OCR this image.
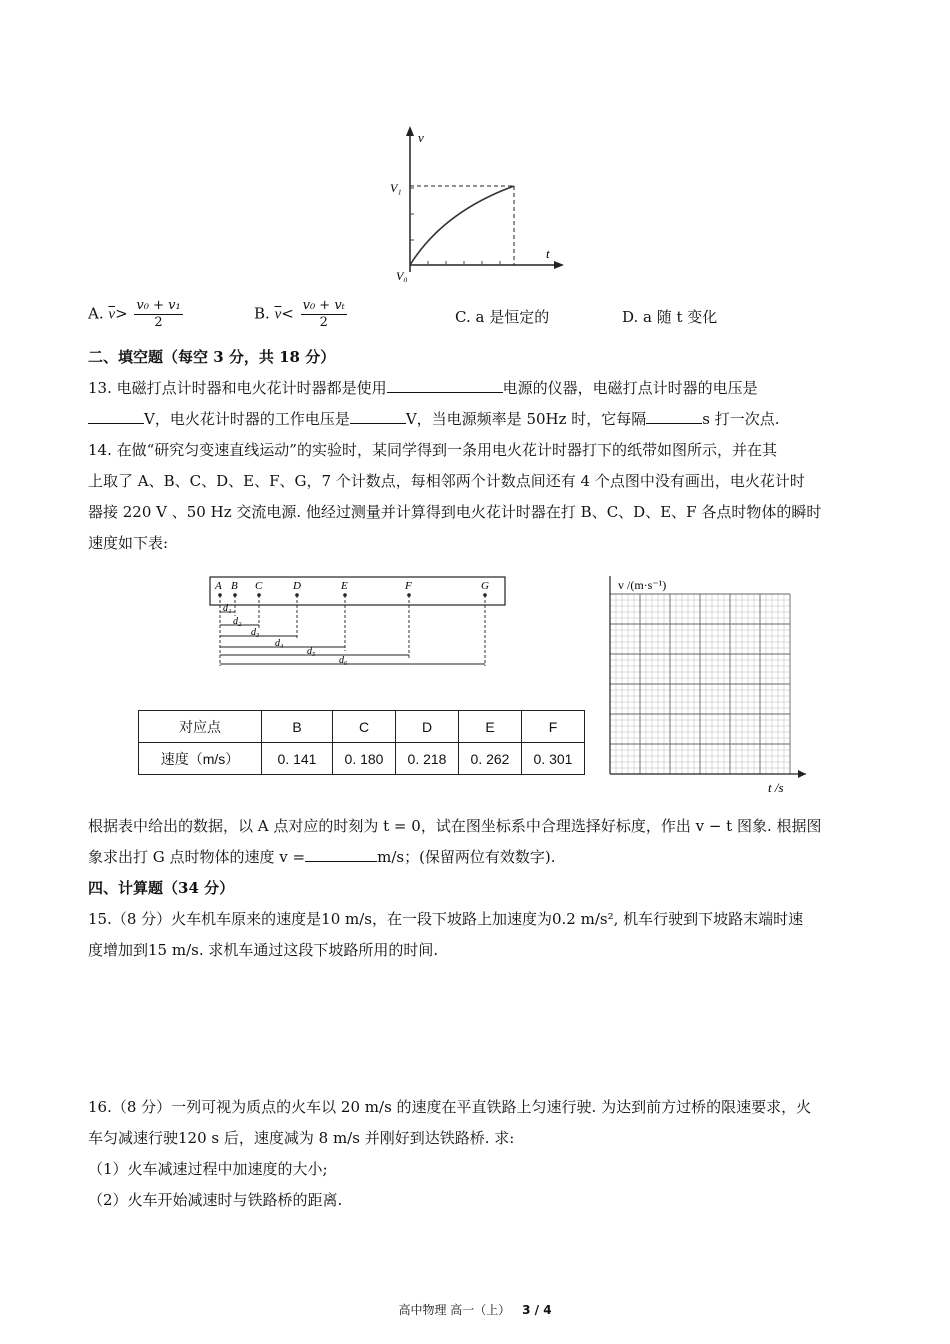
v
t
V₁
V₀
A. $\overline{v}> \frac{\text{v₀ + v₁}}{2}$	B. $\overline{v}< \frac{\text{v₀ + vₜ}}{2}$	C. a 是恒定的	D. a 随 t 变化
二、填空题（每空 3 分，共 18 分）
13. 电磁打点计时器和电火花计时器都是使用	电源的仪器，电磁打点计时器的电压是
V，电火花计时器的工作电压是	V，当电源频率是 50Hz 时，它每隔	s 打一次点.
14. 在做“研究匀变速直线运动”的实验时，某同学得到一条用电火花计时器打下的纸带如图所示，并在其
上取了 A、B、C、D、E、F、G，7 个计数点，每相邻两个计数点间还有 4 个点图中没有画出，电火花计时
器接 220 V 、50 Hz 交流电源. 他经过测量并计算得到电火花计时器在打 B、C、D、E、F 各点时物体的瞬时
速度如下表:
A B C	D	E	F	G
d₁
d₂
d₃
d₄
d₅
d₆
v /(m·s⁻¹)
t /s
对应点	B	C	D	E	F
速度（m/s）	0. 141	0. 180	0. 218	0. 262	0. 301
根据表中给出的数据，以 A 点对应的时刻为 t = 0，试在图坐标系中合理选择好标度，作出 v − t 图象. 根据图
象求出打 G 点时物体的速度 v =	m/s；(保留两位有效数字).
四、计算题（34 分）
15.（8 分）火车机车原来的速度是10 m/s，在一段下坡路上加速度为0.2 m/s², 机车行驶到下坡路末端时速
度增加到15 m/s. 求机车通过这段下坡路所用的时间.
16.（8 分）一列可视为质点的火车以 20 m/s 的速度在平直铁路上匀速行驶. 为达到前方过桥的限速要求，火
车匀减速行驶120 s 后，速度减为 8 m/s 并刚好到达铁路桥. 求:
（1）火车减速过程中加速度的大小;
（2）火车开始减速时与铁路桥的距离.
高中物理 高一（上） 3 / 4
